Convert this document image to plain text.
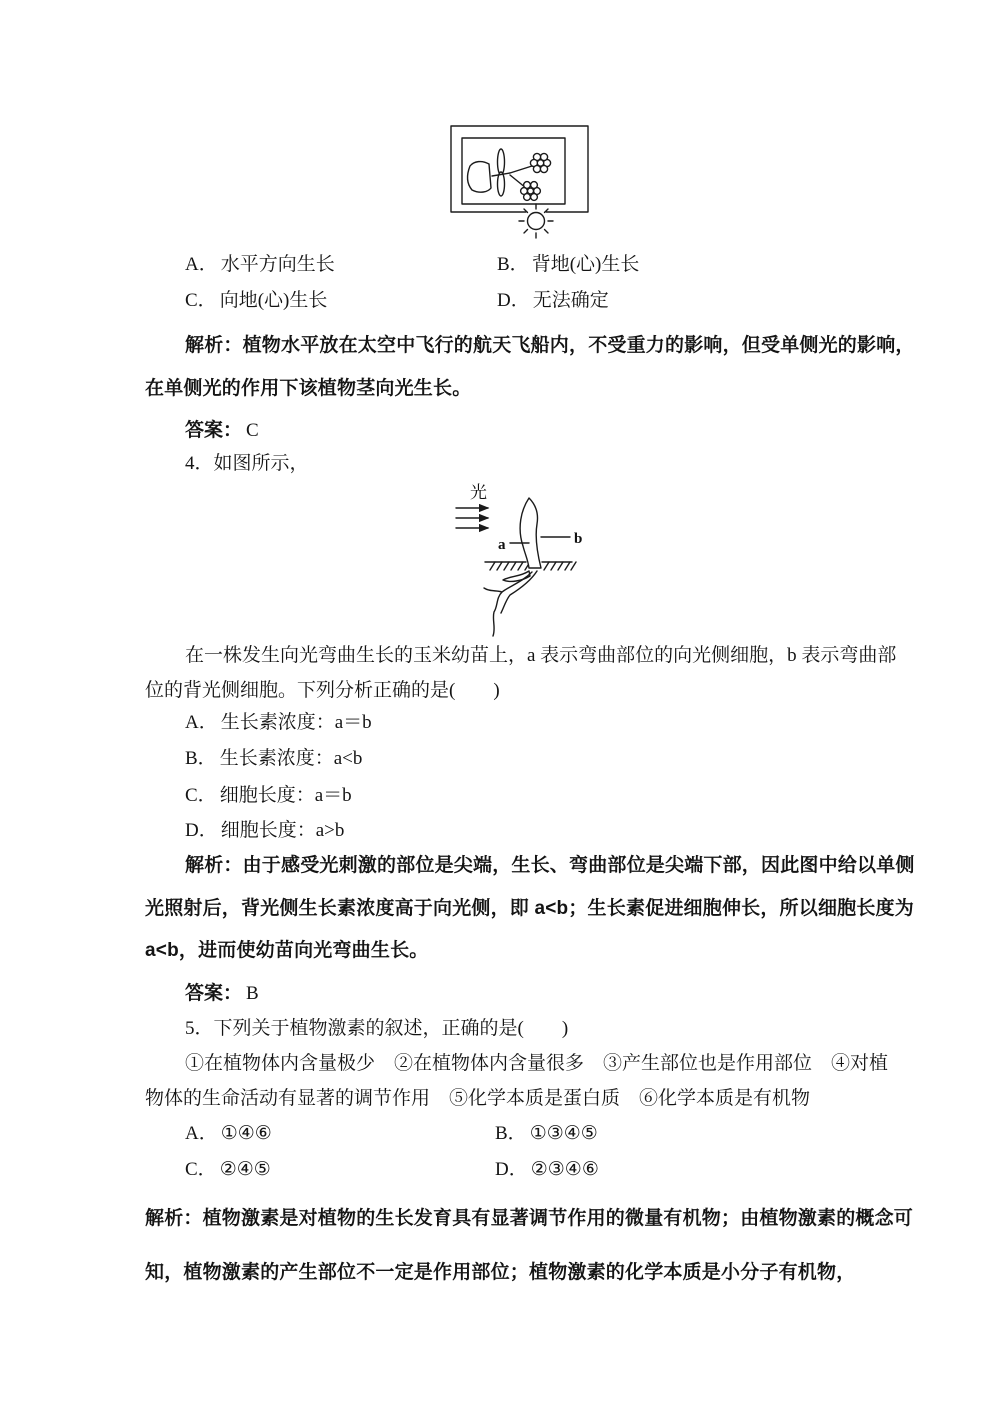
A． 水平方向生长	B． 背地(心)生长
C． 向地(心)生长	D． 无法确定
解析：植物水平放在太空中飞行的航天飞船内，不受重力的影响，但受单侧光的影响，
在单侧光的作用下该植物茎向光生长。
答案： C
4．如图所示，
光
a	b
在一株发生向光弯曲生长的玉米幼苗上，a 表示弯曲部位的向光侧细胞，b 表示弯曲部
位的背光侧细胞。下列分析正确的是(　　)
A． 生长素浓度：a＝b
B． 生长素浓度：a<b
C． 细胞长度：a＝b
D． 细胞长度：a>b
解析：由于感受光刺激的部位是尖端，生长、弯曲部位是尖端下部，因此图中给以单侧
光照射后，背光侧生长素浓度高于向光侧，即 a<b；生长素促进细胞伸长，所以细胞长度为
a<b，进而使幼苗向光弯曲生长。
答案： B
5．下列关于植物激素的叙述，正确的是(　　)
①在植物体内含量极少　②在植物体内含量很多　③产生部位也是作用部位　④对植
物体的生命活动有显著的调节作用　⑤化学本质是蛋白质　⑥化学本质是有机物
A． ①④⑥	B． ①③④⑤
C． ②④⑤	D． ②③④⑥
解析：植物激素是对植物的生长发育具有显著调节作用的微量有机物；由植物激素的概念可
知，植物激素的产生部位不一定是作用部位；植物激素的化学本质是小分子有机物，
